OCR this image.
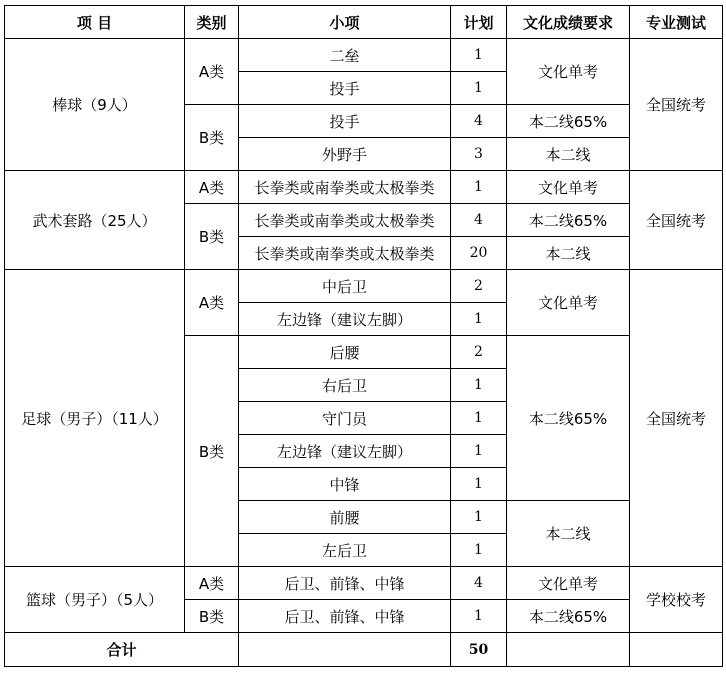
项 目	类别	小项	计划	文化成绩要求	专业测试
棒球（9人）	A类	二垒	1	文化单考	全国统考
		投手	1		
	B类	投手	4	本二线65%	
		外野手	3	本二线	
武术套路（25人）	A类	长拳类或南拳类或太极拳类	1	文化单考	全国统考
	B类	长拳类或南拳类或太极拳类	4	本二线65%	
		长拳类或南拳类或太极拳类	20	本二线	
足球（男子）（11人）	A类	中后卫	2	文化单考	全国统考
		左边锋（建议左脚）	1		
	B类	后腰	2	本二线65%	
		右后卫	1		
		守门员	1		
		左边锋（建议左脚）	1		
		中锋	1		
		前腰	1	本二线	
		左后卫	1		
篮球（男子）（5人）	A类	后卫、前锋、中锋	4	文化单考	学校校考
	B类	后卫、前锋、中锋	1	本二线65%	
合计			50		
